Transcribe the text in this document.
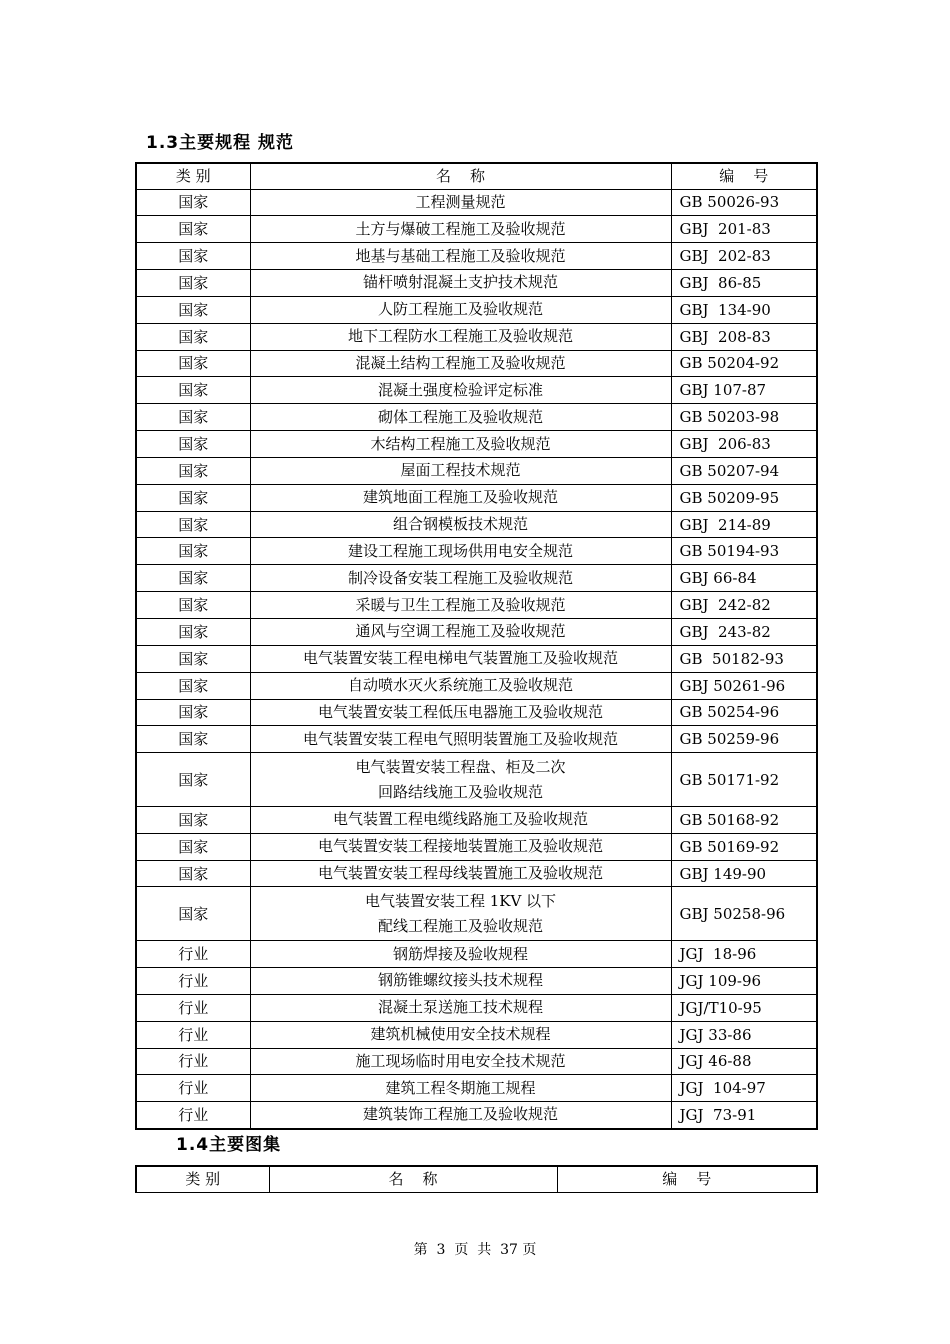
1.3主要规程 规范
类 别	名    称	编    号
国家	工程测量规范	GB 50026-93
国家	土方与爆破工程施工及验收规范	GBJ  201-83
国家	地基与基础工程施工及验收规范	GBJ  202-83
国家	锚杆喷射混凝土支护技术规范	GBJ  86-85
国家	人防工程施工及验收规范	GBJ  134-90
国家	地下工程防水工程施工及验收规范	GBJ  208-83
国家	混凝土结构工程施工及验收规范	GB 50204-92
国家	混凝土强度检验评定标准	GBJ 107-87
国家	砌体工程施工及验收规范	GB 50203-98
国家	木结构工程施工及验收规范	GBJ  206-83
国家	屋面工程技术规范	GB 50207-94
国家	建筑地面工程施工及验收规范	GB 50209-95
国家	组合钢模板技术规范	GBJ  214-89
国家	建设工程施工现场供用电安全规范	GB 50194-93
国家	制冷设备安装工程施工及验收规范	GBJ 66-84
国家	采暖与卫生工程施工及验收规范	GBJ  242-82
国家	通风与空调工程施工及验收规范	GBJ  243-82
国家	电气装置安装工程电梯电气装置施工及验收规范	GB  50182-93
国家	自动喷水灭火系统施工及验收规范	GBJ 50261-96
国家	电气装置安装工程低压电器施工及验收规范	GB 50254-96
国家	电气装置安装工程电气照明装置施工及验收规范	GB 50259-96
国家	电气装置安装工程盘、柜及二次
回路结线施工及验收规范	GB 50171-92
国家	电气装置工程电缆线路施工及验收规范	GB 50168-92
国家	电气装置安装工程接地装置施工及验收规范	GB 50169-92
国家	电气装置安装工程母线装置施工及验收规范	GBJ 149-90
国家	电气装置安装工程 1KV 以下
配线工程施工及验收规范	GBJ 50258-96
行业	钢筋焊接及验收规程	JGJ  18-96
行业	钢筋锥螺纹接头技术规程	JGJ 109-96
行业	混凝土泵送施工技术规程	JGJ/T10-95
行业	建筑机械使用安全技术规程	JGJ 33-86
行业	施工现场临时用电安全技术规范	JGJ 46-88
行业	建筑工程冬期施工规程	JGJ  104-97
行业	建筑装饰工程施工及验收规范	JGJ  73-91
1.4主要图集
类 别	名    称	编    号
第  3  页  共  37 页
